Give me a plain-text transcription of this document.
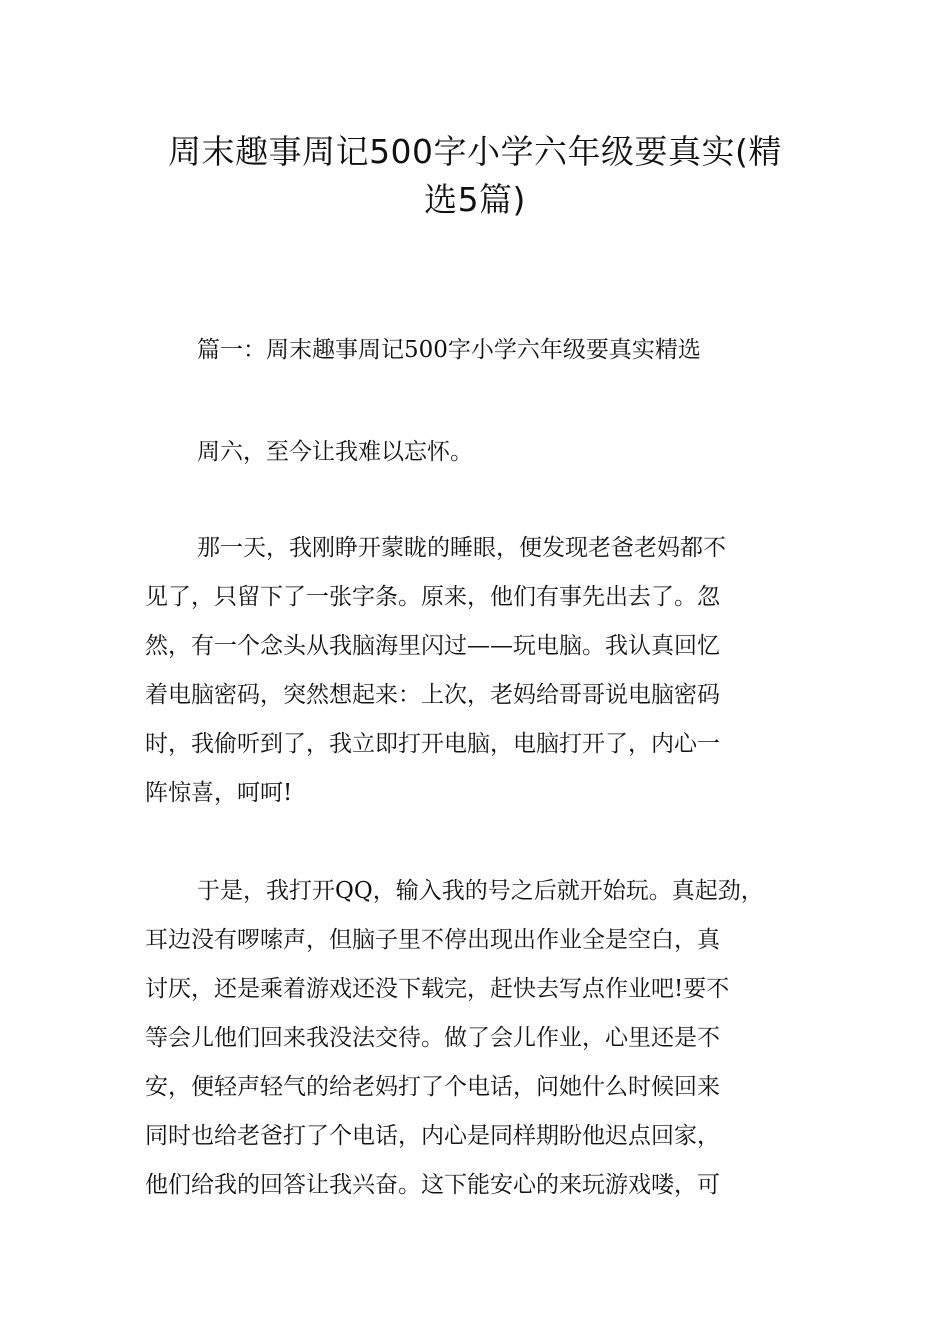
周末趣事周记500字小学六年级要真实(精
选5篇)
篇一：周末趣事周记500字小学六年级要真实精选
周六，至今让我难以忘怀。
那一天，我刚睁开蒙眬的睡眼，便发现老爸老妈都不
见了，只留下了一张字条。原来，他们有事先出去了。忽
然，有一个念头从我脑海里闪过——玩电脑。我认真回忆
着电脑密码，突然想起来：上次，老妈给哥哥说电脑密码
时，我偷听到了，我立即打开电脑，电脑打开了，内心一
阵惊喜，呵呵!
于是，我打开QQ，输入我的号之后就开始玩。真起劲，
耳边没有啰嗦声，但脑子里不停出现出作业全是空白，真
讨厌，还是乘着游戏还没下载完，赶快去写点作业吧!要不
等会儿他们回来我没法交待。做了会儿作业，心里还是不
安，便轻声轻气的给老妈打了个电话，问她什么时候回来
同时也给老爸打了个电话，内心是同样期盼他迟点回家，
他们给我的回答让我兴奋。这下能安心的来玩游戏喽，可
